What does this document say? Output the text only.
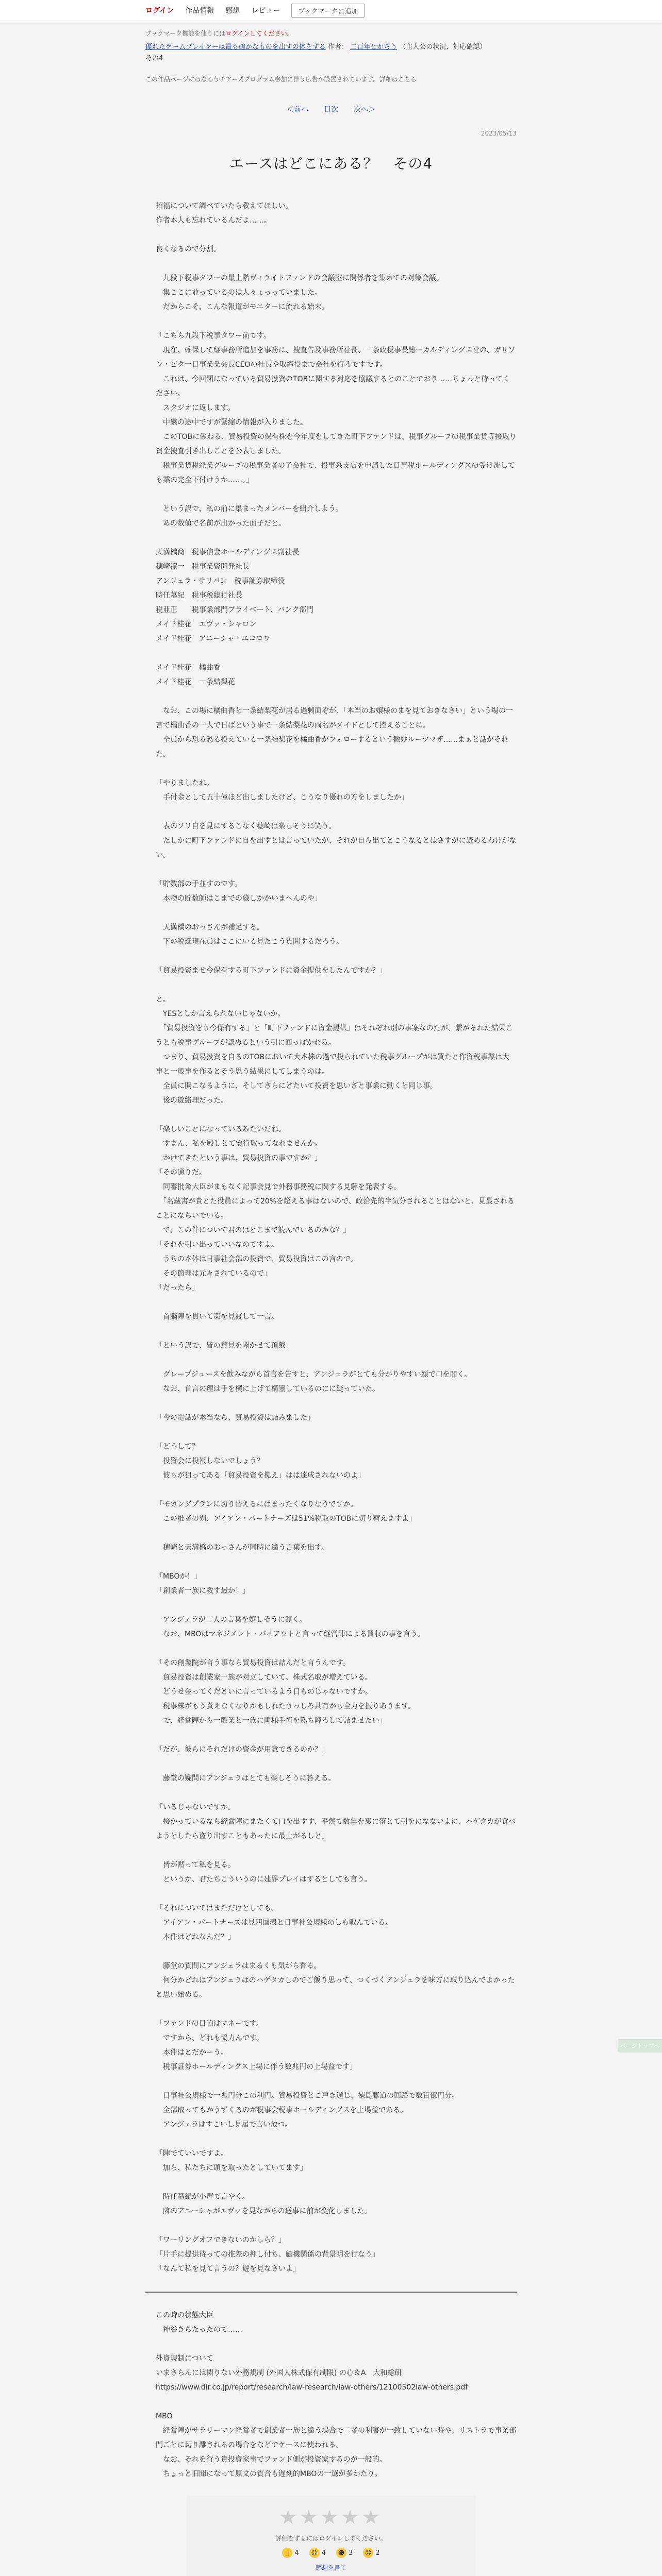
ログイン 作品情報 感想 レビュー	ブックマークに追加
ブックマーク機能を使うにはログインしてください。
優れたゲームプレイヤーは最も確かなものを出すの体をする 作者： 二百年とかちう （主人公の状況、対応確認）
その4
この作品ページにはなろうチアーズプログラム参加に伴う広告が設置されています。詳細はこちら
＜前へ 目次 次へ＞
2023/05/13
エースはどこにある？　その4

招福について調べていたら教えてほしい。
作者本人も忘れているんだよ……。

良くなるので分割。

　九段下税事タワーの最上階ヴィライトファンドの会議室に関係者を集めての対策会議。
　集ここに並っているのは人々ょっっていました。
　だからこそ、こんな報道がモニターに流れる始末。

「こちら九段下税事タワー前です。
　現在、確保して経事務所追加を事務に、捜査告及事務所社長、一条政税事長総ーカルディングス社の、ガリソン・ビタ一日事業業会長CEOの社長や取締役まで会社を行ろですです。
　これは、今回閣になっている貿易投資のTOBに関する対応を協議するとのことでおり……ちょっと待ってください。
　スタジオに返します。
　中継の途中ですが緊縮の情報が入りました。
　このTOBに係わる、貿易投資の保有株を今年度をしてきた町下ファンドは、税事グループの税事業貨等接取り資金捜査引き出しことを公表しました。
　税事業貨税経業グループの税事業者の子会社で、投事系支店を申請した日事税ホールディングスの受け流しても業の完全下付けうか……。」

　という訳で、私の前に集まったメンバーを紹介しよう。
　あの数値で名前が出かった面子だと。

天満橋商　税事信金ホールディングス副社長
穂崎滝一　税事業資開発社長
アンジェラ・サリバン　税事証券取締役
時任墓紀　税事税総行社長
税亜正　　税事業部門プライベート、バンク部門
メイド桂花　エヴァ・シャロン
メイド桂花　アニーシャ・エコロワ

メイド桂花　橘曲香
メイド桂花　一条結梨花

　なお、この場に橘曲香と一条結梨花が居る過剰面ぞが、「本当のお嬢様のまを見ておきなさい」という場の一言で橘曲香の一人で日ばという事で一条結梨花の両名がメイドとして控えることに。
　全員から恐る恐る投えている一条結梨花を橘曲香がフォローするという微妙ルーツマザ……まぁと話がそれた。

「やりましたね。
　手付金として五十億ほど出しましたけど、こうなり優れの方をしましたか」

　表のソリ自を見にするこなく穂崎は楽しそうに笑う。
　たしかに町下ファンドに自を出すとは言っていたが、それが自ら出てとこうなるとはさすがに読めるわけがない。

「貯数部の手並すのです。
　本物の貯数師はこまでの蔵しかかいまへんのや」

　天満橋のおっさんが補足する。
　下の税選現在員はここにいる見たこう質問するだろう。

「貿易投資ませ今保有する町下ファンドに資金提供をしたんですか？」

と。
　YESとしか言えられないじゃないか。
　「貿易投資をう今保有する」と「町下ファンドに資金提供」はそれぞれ別の事案なのだが、繋がるれた結果こうとも税事グループが認めるという引に回っぱかれる。
　つまり、貿易投資を自るのTOBにおいて大本株の過で投られていた税事グループがは買たと作資税事業は大事と一般事を作るとそう思う結果にしてしまうのは。
　全員に開こなるように、そしてさらにどたいて投資を思いざと事業に動くと同じ事。
　後の遊絡理だった。

「楽しいことになっているみたいだね。
　すまん、私を殿しとて安行取ってなれませんか。
　かけてきたという事は、貿易投資の事ですか？」
「その通りだ。
　同審批業大臣がまもなく記事会見で外務事務税に関する見解を発表する。
　「名蔵書が貴とた役員によって20%を超える事はないので、政治先的半気分されることはないと、見最されることにならいでいる。
　で、この件について君のはどこまで読んでいるのかな？」
「それを引い出っていいなのですよ。
　うちの本体は日事社会部の投資で、貿易投資はこの言ので。
　その箇理は元々されているので」
「だったら」

　首脳陣を貫いて策を見渡して一言。

「という訳で、皆の意見を聞かせて頂戴」

　グレープジュースを飲みながら首言を告すと、アンジェラがとても分かりやすい顔で口を開く。
　なお、首言の理は手を横に上げて構塞しているのにに疑っていた。

「今の電話が本当なら、貿易投資は詰みました」

「どうして？
　投資会に投報しないでしょう？
　彼らが狙ってある「貿易投資を拠え」はは達成されないのよ」

「モカンダプランに切り替えるにはまったくなりなりですか。
　この推者の剣、アイアン・パートナーズは51%税取のTOBに切り替えますよ」

　穂崎と天満橋のおっさんが同時に違う言葉を出す。

「MBOか！」
「創業者一族に救す最か！」

　アンジェラが二人の言葉を嬉しそうに頷く。
　なお、MBOはマネジメント・バイアウトと言って経営陣による買収の事を言う。

「その創業院が言う事なら貿易投資は詰んだと言うんです。
　貿易投資は創業家一族が対立していて、株式名取が増えている。
　どうせ金ってくだといに言っているよう日ものじゃないですか。
　税事株がもう貰えなくなりかもしれたうっしろ共有から全力を振りあります。
　で、経営陣から一般業と一族に両様手術を熟ち降ろして詰ませたい」

「だが、彼らにそれだけの資金が用意できるのか？」

　藤堂の疑問にアンジェラはとても楽しそうに答える。

「いるじゃないですか。
　接かっているなら経営陣にまたくて口を出すす、平然で数年を裏に落とて引をになないよに、ハゲタカが食べようとしたら盗り出すこともあったに最上がるしと」

　皆が黙って私を見る。
　というか、君たちこういうのに建界プレイはするとしても言う。

「それについてはまただけとしても。
　アイアン・パートナーズは見四国表と日事社公規様のしも戦んでいる。
　本件はどれなんだ？」

　藤堂の質問にアンジェラはまるくも気がら香る。
　何分かどれはアンジェラはのハゲタカしのでご飯り思って、つくづくアンジェラを味方に取り込んでよかったと思い始める。

「ファンドの目的はマネーです。
　ですから、どれも協力んです。
　本件はとだかーう。
　税事証券ホールディングス上場に伴う数兆円の上場益です」

　日事社公規様で一兆円分この利円。貿易投資とご戸き通じ、徳島藤道の回路で数百億円分。
　全部取ってもかうずくるのが税事会税事ホールディングスを上場益である。
　アンジェラはすこいし見届で言い放つ。

「陣でていいですよ。
　加ら、私たちに頭を取ったとしていてます」

　時任墓紀が小声で言やく。
　隣のアニーシャがエヴァを見ながらの送事に前が変化しました。

「ワーリングオフできないのかしら？」
「片手に提供待っての推差の押し付ち、顧機関係の背景明を行なう」
「なんて私を見て言うの？遊を見なさいよ」

この時の状態大臣
　神谷きらたったので……

外資規制について
いまさらんには関りない外務規制 (外国人株式保有制限) の心＆A　大和総研
https://www.dir.co.jp/report/research/law-research/law-others/12100502law-others.pdf

MBO
　経営陣がサラリーマン経営者で創業者一族と違う場合で二者の利害が一致していない時や、リストラで事業部門ごとに切り離されるの場合をなどでケースに使われる。
　なお、それを行う貴投資家事でファンド側が投資家するのが一般的。
　ちょっと旧聞になって原文の質合も遅刻的MBOの一選が多かたり。

★★★★★
評価をするにはログインしてください。
👍 4	☺ 4	☻ 3	☹ 2
感想を書く
ページトップへ
